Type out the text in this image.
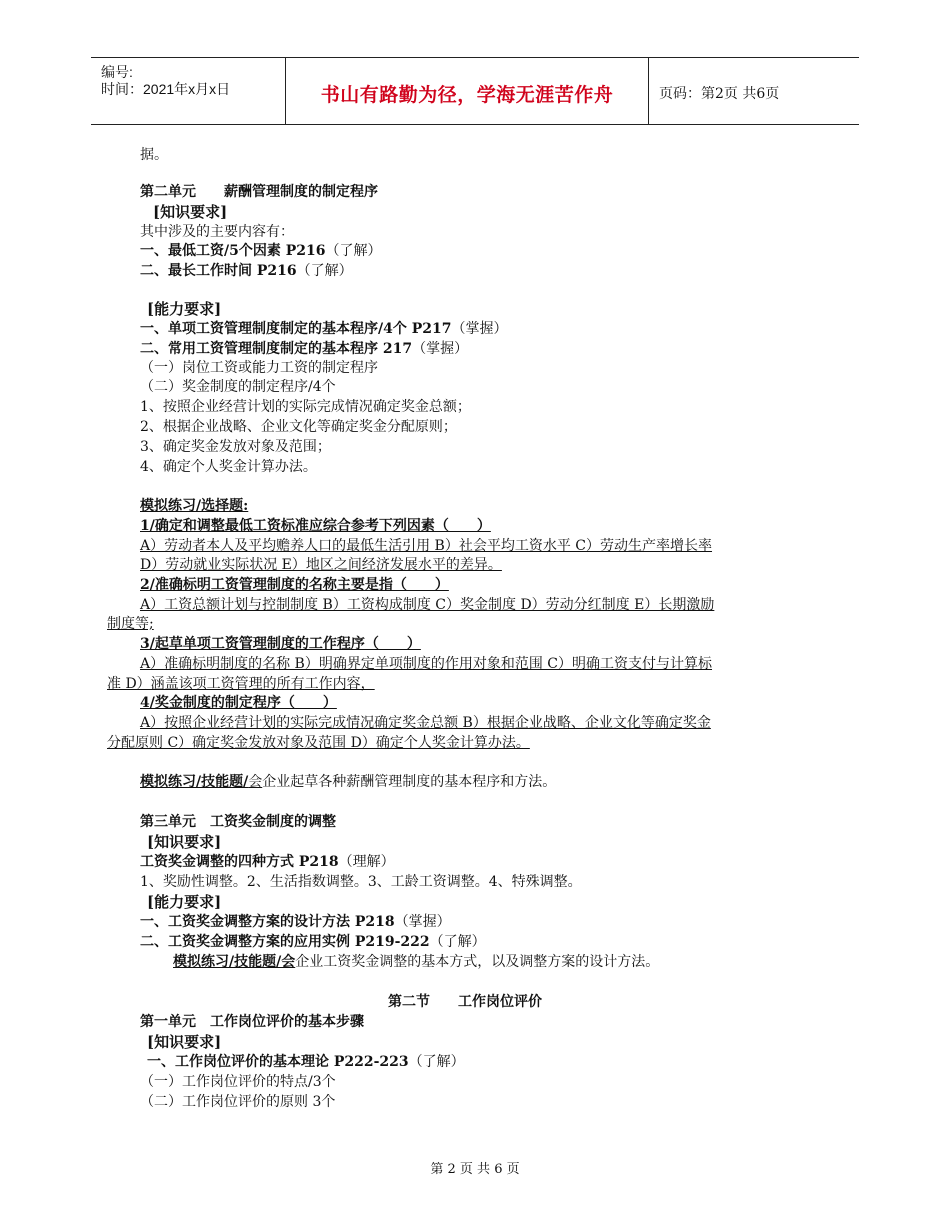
编号:
时间：2021年x月x日	书山有路勤为径，学海无涯苦作舟	页码：第2页 共6页
据。
第二单元　　薪酬管理制度的制定程序
[知识要求]
其中涉及的主要内容有：
一、最低工资/5个因素 P216（了解）
二、最长工作时间 P216（了解）
[能力要求]
一、单项工资管理制度制定的基本程序/4个 P217（掌握）
二、常用工资管理制度制定的基本程序 217（掌握）
（一）岗位工资或能力工资的制定程序
（二）奖金制度的制定程序/4个
1、按照企业经营计划的实际完成情况确定奖金总额；
2、根据企业战略、企业文化等确定奖金分配原则；
3、确定奖金发放对象及范围；
4、确定个人奖金计算办法。
模拟练习/选择题:
1/确定和调整最低工资标准应综合参考下列因素（　　）
A）劳动者本人及平均赡养人口的最低生活引用 B）社会平均工资水平 C）劳动生产率增长率
D）劳动就业实际状况 E）地区之间经济发展水平的差异。
2/准确标明工资管理制度的名称主要是指（　　）
A）工资总额计划与控制制度 B）工资构成制度 C）奖金制度 D）劳动分红制度 E）长期激励
制度等;
3/起草单项工资管理制度的工作程序（　　）
A）准确标明制度的名称 B）明确界定单项制度的作用对象和范围 C）明确工资支付与计算标
准 D）涵盖该项工资管理的所有工作内容，
4/奖金制度的制定程序（　　）
A）按照企业经营计划的实际完成情况确定奖金总额 B）根据企业战略、企业文化等确定奖金
分配原则 C）确定奖金发放对象及范围 D）确定个人奖金计算办法。
模拟练习/技能题/会企业起草各种薪酬管理制度的基本程序和方法。
第三单元　工资奖金制度的调整
[知识要求]
工资奖金调整的四种方式 P218（理解）
1、奖励性调整。2、生活指数调整。3、工龄工资调整。4、特殊调整。
[能力要求]
一、工资奖金调整方案的设计方法 P218（掌握）
二、工资奖金调整方案的应用实例 P219-222（了解）
模拟练习/技能题/会企业工资奖金调整的基本方式，以及调整方案的设计方法。
第二节　　工作岗位评价
第一单元　工作岗位评价的基本步骤
[知识要求]
一、工作岗位评价的基本理论 P222-223（了解）
（一）工作岗位评价的特点/3个
（二）工作岗位评价的原则 3个
第 2 页 共 6 页
